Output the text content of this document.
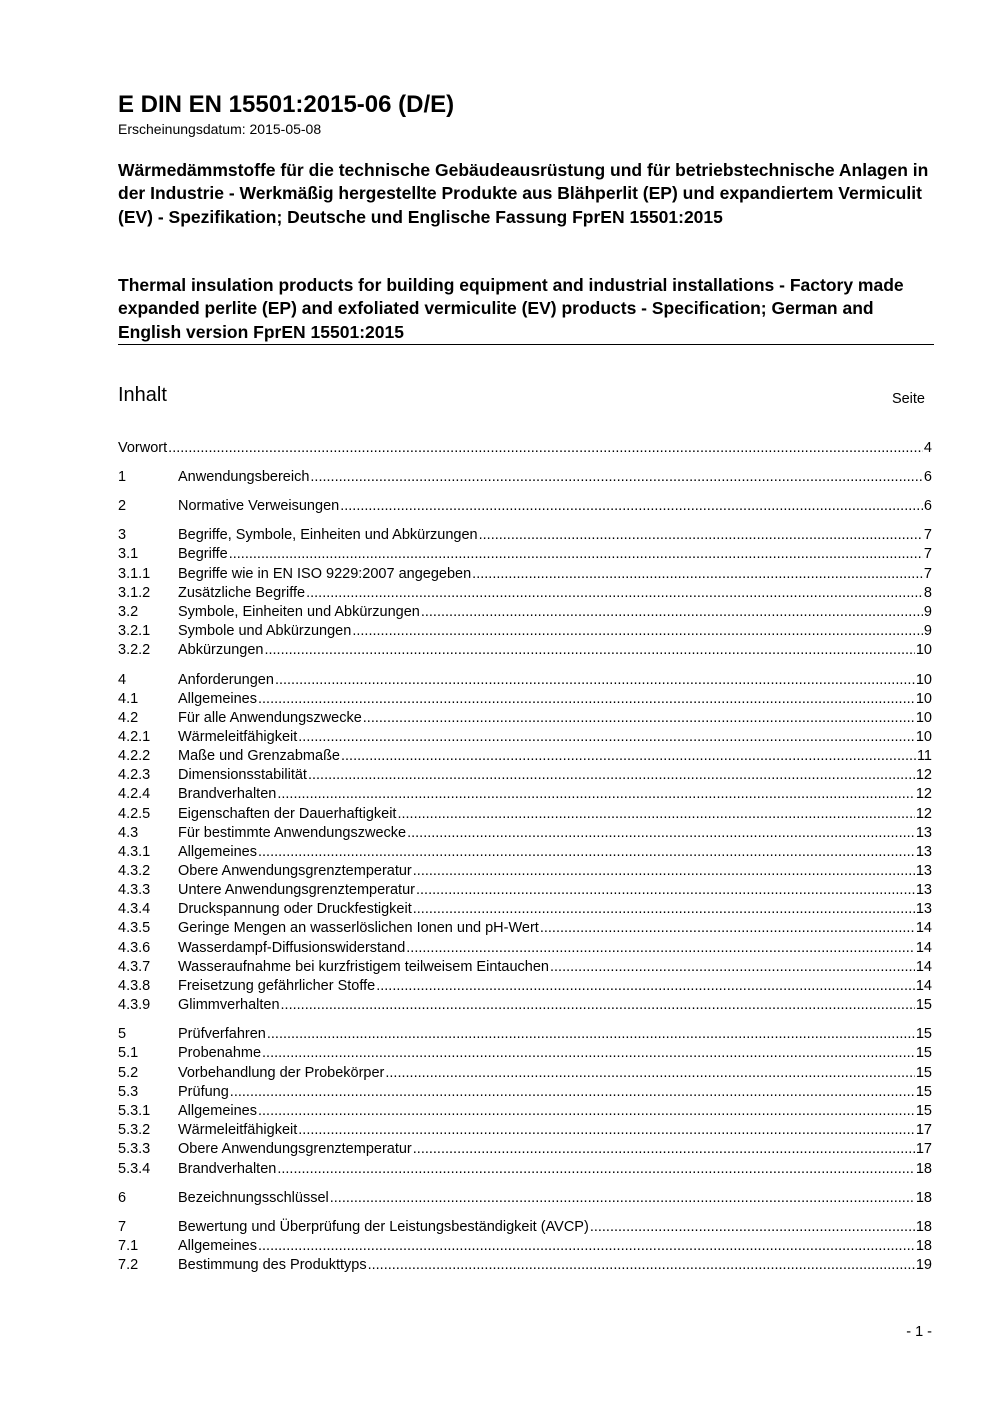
E DIN EN 15501:2015-06 (D/E)
Erscheinungsdatum: 2015-05-08
Wärmedämmstoffe für die technische Gebäudeausrüstung und für betriebstechnische Anlagen in der Industrie - Werkmäßig hergestellte Produkte aus Blähperlit (EP) und expandiertem Vermiculit (EV) - Spezifikation; Deutsche und Englische Fassung FprEN 15501:2015
Thermal insulation products for building equipment and industrial installations - Factory made expanded perlite (EP) and exfoliated vermiculite (EV) products - Specification; German and English version FprEN 15501:2015
Inhalt	Seite
Vorwort .....	4
1	Anwendungsbereich .....	6
2	Normative Verweisungen .....	6
3	Begriffe, Symbole, Einheiten und Abkürzungen .....	7
3.1	Begriffe .....	7
3.1.1	Begriffe wie in EN ISO 9229:2007 angegeben .....	7
3.1.2	Zusätzliche Begriffe .....	8
3.2	Symbole, Einheiten und Abkürzungen .....	9
3.2.1	Symbole und Abkürzungen .....	9
3.2.2	Abkürzungen .....	10
4	Anforderungen .....	10
4.1	Allgemeines .....	10
4.2	Für alle Anwendungszwecke .....	10
4.2.1	Wärmeleitfähigkeit .....	10
4.2.2	Maße und Grenzabmaße .....	11
4.2.3	Dimensionsstabilität .....	12
4.2.4	Brandverhalten .....	12
4.2.5	Eigenschaften der Dauerhaftigkeit .....	12
4.3	Für bestimmte Anwendungszwecke .....	13
4.3.1	Allgemeines .....	13
4.3.2	Obere Anwendungsgrenztemperatur .....	13
4.3.3	Untere Anwendungsgrenztemperatur .....	13
4.3.4	Druckspannung oder Druckfestigkeit .....	13
4.3.5	Geringe Mengen an wasserlöslichen Ionen und pH-Wert .....	14
4.3.6	Wasserdampf-Diffusionswiderstand .....	14
4.3.7	Wasseraufnahme bei kurzfristigem teilweisem Eintauchen .....	14
4.3.8	Freisetzung gefährlicher Stoffe .....	14
4.3.9	Glimmverhalten .....	15
5	Prüfverfahren .....	15
5.1	Probenahme .....	15
5.2	Vorbehandlung der Probekörper .....	15
5.3	Prüfung .....	15
5.3.1	Allgemeines .....	15
5.3.2	Wärmeleitfähigkeit .....	17
5.3.3	Obere Anwendungsgrenztemperatur .....	17
5.3.4	Brandverhalten .....	18
6	Bezeichnungsschlüssel .....	18
7	Bewertung und Überprüfung der Leistungsbeständigkeit (AVCP) .....	18
7.1	Allgemeines .....	18
7.2	Bestimmung des Produkttyps .....	19
- 1 -
